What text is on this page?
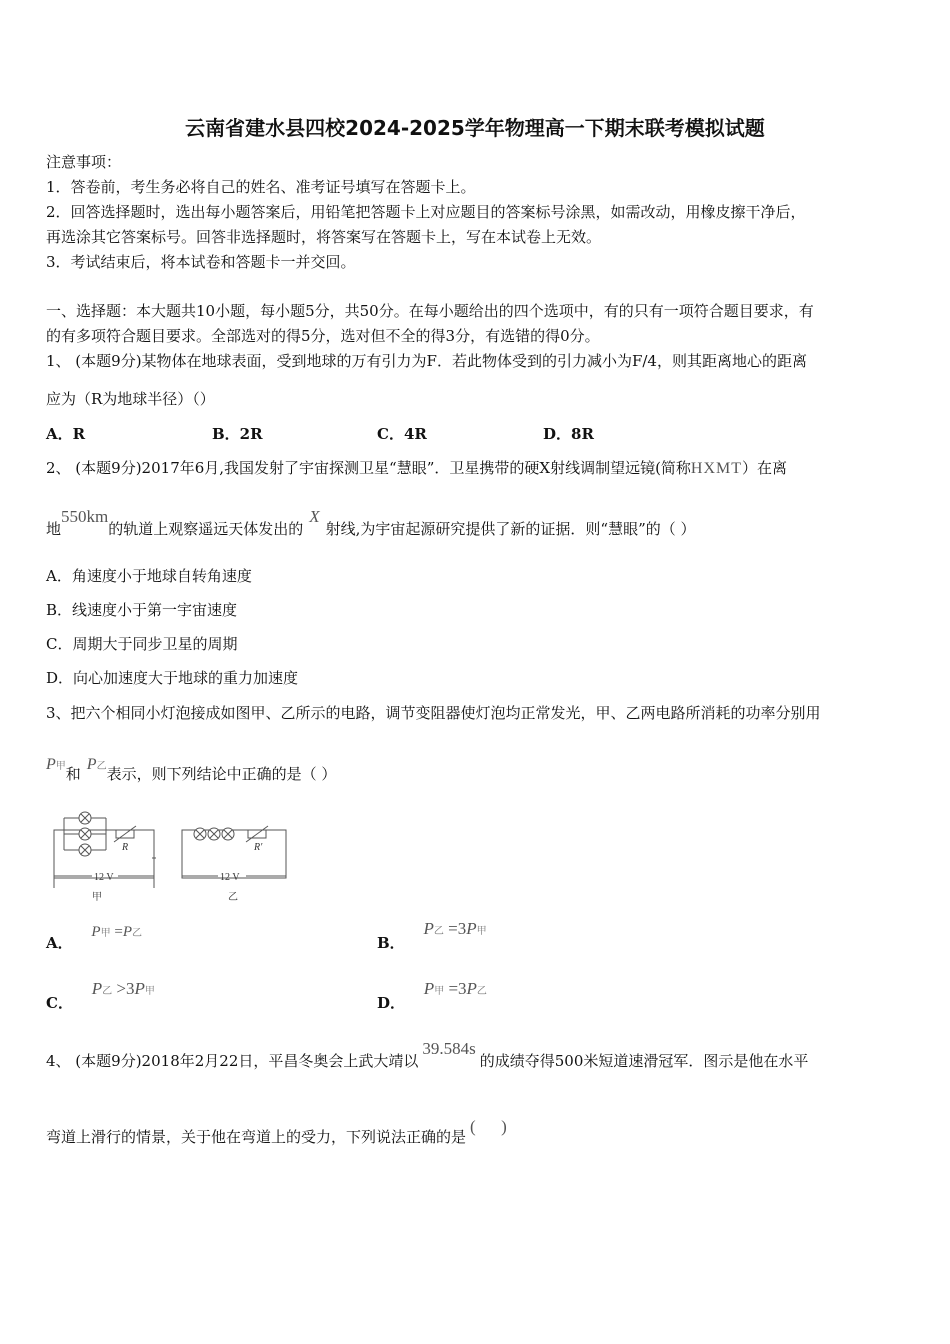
云南省建水县四校2024-2025学年物理高一下期末联考模拟试题
注意事项：
1．答卷前，考生务必将自己的姓名、准考证号填写在答题卡上。
2．回答选择题时，选出每小题答案后，用铅笔把答题卡上对应题目的答案标号涂黑，如需改动，用橡皮擦干净后，
再选涂其它答案标号。回答非选择题时，将答案写在答题卡上，写在本试卷上无效。
3．考试结束后，将本试卷和答题卡一并交回。
一、选择题：本大题共10小题，每小题5分，共50分。在每小题给出的四个选项中，有的只有一项符合题目要求，有
的有多项符合题目要求。全部选对的得5分，选对但不全的得3分，有选错的得0分。
1、 (本题9分)某物体在地球表面，受到地球的万有引力为F．若此物体受到的引力减小为F/4，则其距离地心的距离
应为（R为地球半径）（）
A．R	B．2R	C．4R	D．8R
2、 (本题9分)2017年6月,我国发射了宇宙探测卫星“慧眼”．卫星携带的硬X射线调制望远镜(简称HXMT）在离
地550km的轨道上观察遥远天体发出的X射线,为宇宙起源研究提供了新的证据．则“慧眼”的（ ）
A．角速度小于地球自转角速度
B．线速度小于第一宇宙速度
C．周期大于同步卫星的周期
D．向心加速度大于地球的重力加速度
3、把六个相同小灯泡接成如图甲、乙所示的电路，调节变阻器使灯泡均正常发光，甲、乙两电路所消耗的功率分别用
P甲和P乙表示，则下列结论中正确的是（ ）
R	R′
12 V	12 V
甲	乙
A． P甲 =P乙
B． P乙 =3P甲
C． P乙 >3P甲
D． P甲 =3P乙
4、 (本题9分)2018年2月22日，平昌冬奥会上武大靖以39.584s的成绩夺得500米短道速滑冠军．图示是他在水平
弯道上滑行的情景，关于他在弯道上的受力，下列说法正确的是(      )
